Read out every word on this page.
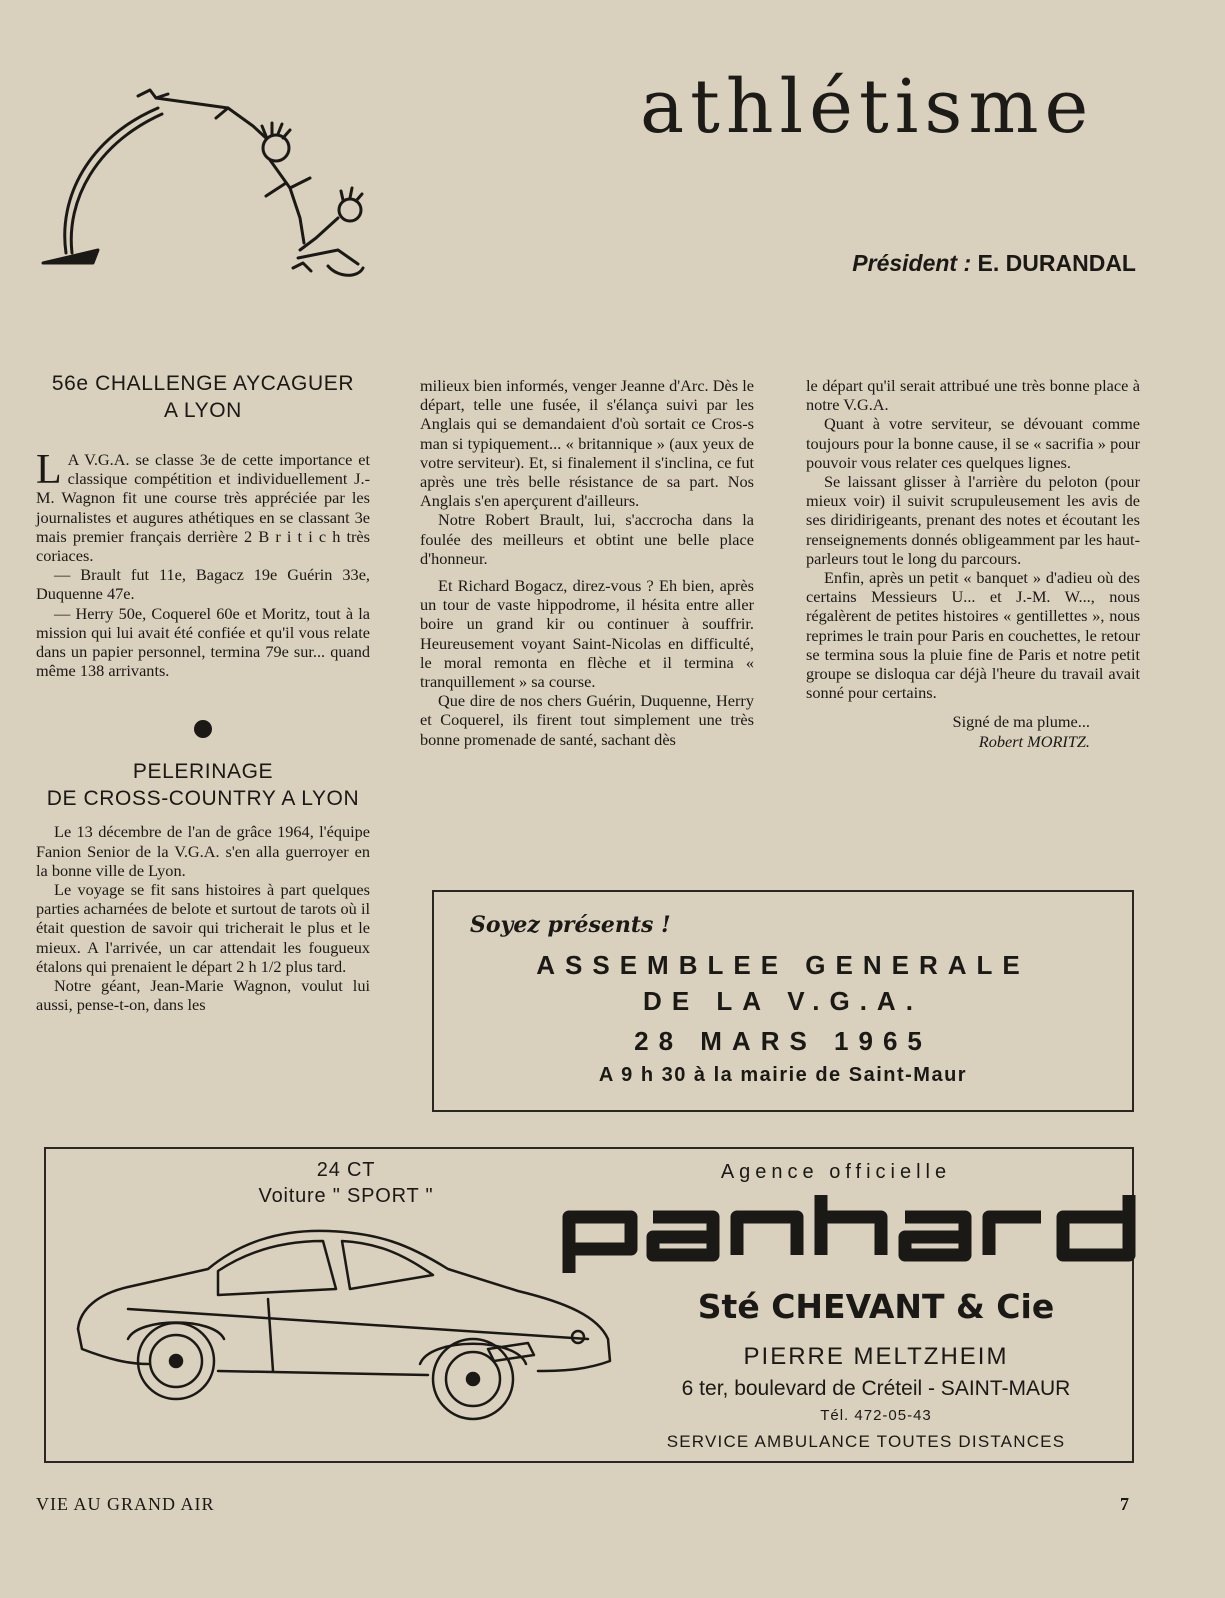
athlétisme
Président : E. DURANDAL
56e CHALLENGE AYCAGUER
A LYON

L A V.G.A. se classe 3e de cette importance et classique compétition et individuellement J.-M. Wagnon fit une course très appréciée par les journalistes et augures athétiques en se classant 3e mais premier français derrière 2 B r i t i c h très coriaces.

— Brault fut 11e, Bagacz 19e Guérin 33e, Duquenne 47e.

— Herry 50e, Coquerel 60e et Moritz, tout à la mission qui lui avait été confiée et qu'il vous relate dans un papier personnel, termina 79e sur... quand même 138 arrivants.

PELERINAGE
DE CROSS-COUNTRY A LYON

Le 13 décembre de l'an de grâce 1964, l'équipe Fanion Senior de la V.G.A. s'en alla guerroyer en la bonne ville de Lyon.

Le voyage se fit sans histoires à part quelques parties acharnées de belote et surtout de tarots où il était question de savoir qui tricherait le plus et le mieux. A l'arrivée, un car attendait les fougueux étalons qui prenaient le départ 2 h 1/2 plus tard.

Notre géant, Jean-Marie Wagnon, voulut lui aussi, pense-t-on, dans les

milieux bien informés, venger Jeanne d'Arc. Dès le départ, telle une fusée, il s'élança suivi par les Anglais qui se demandaient d'où sortait ce Cros-s man si typiquement... « britannique » (aux yeux de votre serviteur). Et, si finalement il s'inclina, ce fut après une très belle résistance de sa part. Nos Anglais s'en aperçurent d'ailleurs.

Notre Robert Brault, lui, s'accrocha dans la foulée des meilleurs et obtint une belle place d'honneur.

Et Richard Bogacz, direz-vous ? Eh bien, après un tour de vaste hippodrome, il hésita entre aller boire un grand kir ou continuer à souffrir. Heureusement voyant Saint-Nicolas en difficulté, le moral remonta en flèche et il termina « tranquillement » sa course.

Que dire de nos chers Guérin, Duquenne, Herry et Coquerel, ils firent tout simplement une très bonne promenade de santé, sachant dès

le départ qu'il serait attribué une très bonne place à notre V.G.A.

Quant à votre serviteur, se dévouant comme toujours pour la bonne cause, il se « sacrifia » pour pouvoir vous relater ces quelques lignes.

Se laissant glisser à l'arrière du peloton (pour mieux voir) il suivit scrupuleusement les avis de ses diridirigeants, prenant des notes et écoutant les renseignements donnés obligeamment par les haut-parleurs tout le long du parcours.

Enfin, après un petit « banquet » d'adieu où des certains Messieurs U... et J.-M. W..., nous régalèrent de petites histoires « gentillettes », nous reprimes le train pour Paris en couchettes, le retour se termina sous la pluie fine de Paris et notre petit groupe se disloqua car déjà l'heure du travail avait sonné pour certains.

Signé de ma plume...
Robert MORITZ.
Soyez présents !
ASSEMBLEE GENERALE
DE LA V.G.A.
28 MARS 1965
A 9 h 30 à la mairie de Saint-Maur
24 CT
Voiture " SPORT "
Agence officielle
Sté CHEVANT & Cie
PIERRE MELTZHEIM
6 ter, boulevard de Créteil - SAINT-MAUR
Tél. 472-05-43
SERVICE AMBULANCE TOUTES DISTANCES
VIE AU GRAND AIR	7
